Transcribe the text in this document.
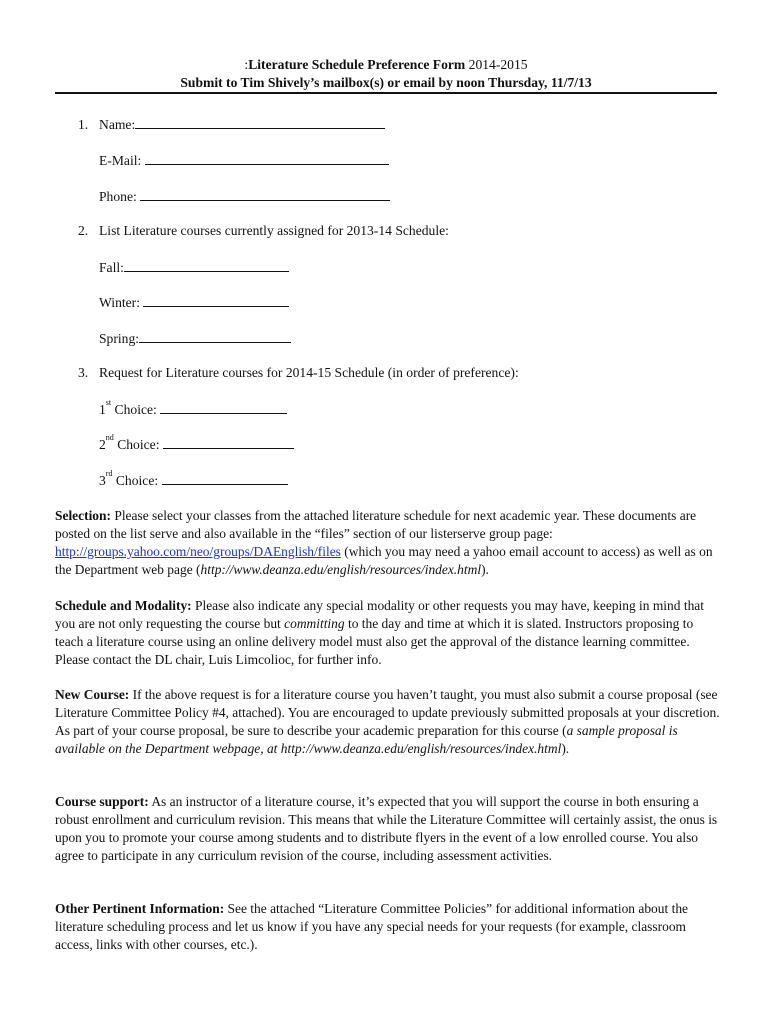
:Literature Schedule Preference Form 2014-2015
Submit to Tim Shively’s mailbox(s) or email by noon Thursday, 11/7/13
1. Name:
E-Mail:
Phone:
2. List Literature courses currently assigned for 2013-14 Schedule:
Fall:
Winter:
Spring:
3. Request for Literature courses for 2014-15 Schedule (in order of preference):
1st Choice:
2nd Choice:
3rd Choice:
Selection: Please select your classes from the attached literature schedule for next academic year. These documents are posted on the list serve and also available in the “files” section of our listerserve group page: http://groups.yahoo.com/neo/groups/DAEnglish/files (which you may need a yahoo email account to access) as well as on the Department web page (http://www.deanza.edu/english/resources/index.html).
Schedule and Modality: Please also indicate any special modality or other requests you may have, keeping in mind that you are not only requesting the course but committing to the day and time at which it is slated. Instructors proposing to teach a literature course using an online delivery model must also get the approval of the distance learning committee. Please contact the DL chair, Luis Limcolioc, for further info.
New Course: If the above request is for a literature course you haven’t taught, you must also submit a course proposal (see Literature Committee Policy #4, attached). You are encouraged to update previously submitted proposals at your discretion. As part of your course proposal, be sure to describe your academic preparation for this course (a sample proposal is available on the Department webpage, at http://www.deanza.edu/english/resources/index.html).
Course support: As an instructor of a literature course, it’s expected that you will support the course in both ensuring a robust enrollment and curriculum revision. This means that while the Literature Committee will certainly assist, the onus is upon you to promote your course among students and to distribute flyers in the event of a low enrolled course. You also agree to participate in any curriculum revision of the course, including assessment activities.
Other Pertinent Information: See the attached “Literature Committee Policies” for additional information about the literature scheduling process and let us know if you have any special needs for your requests (for example, classroom access, links with other courses, etc.).
